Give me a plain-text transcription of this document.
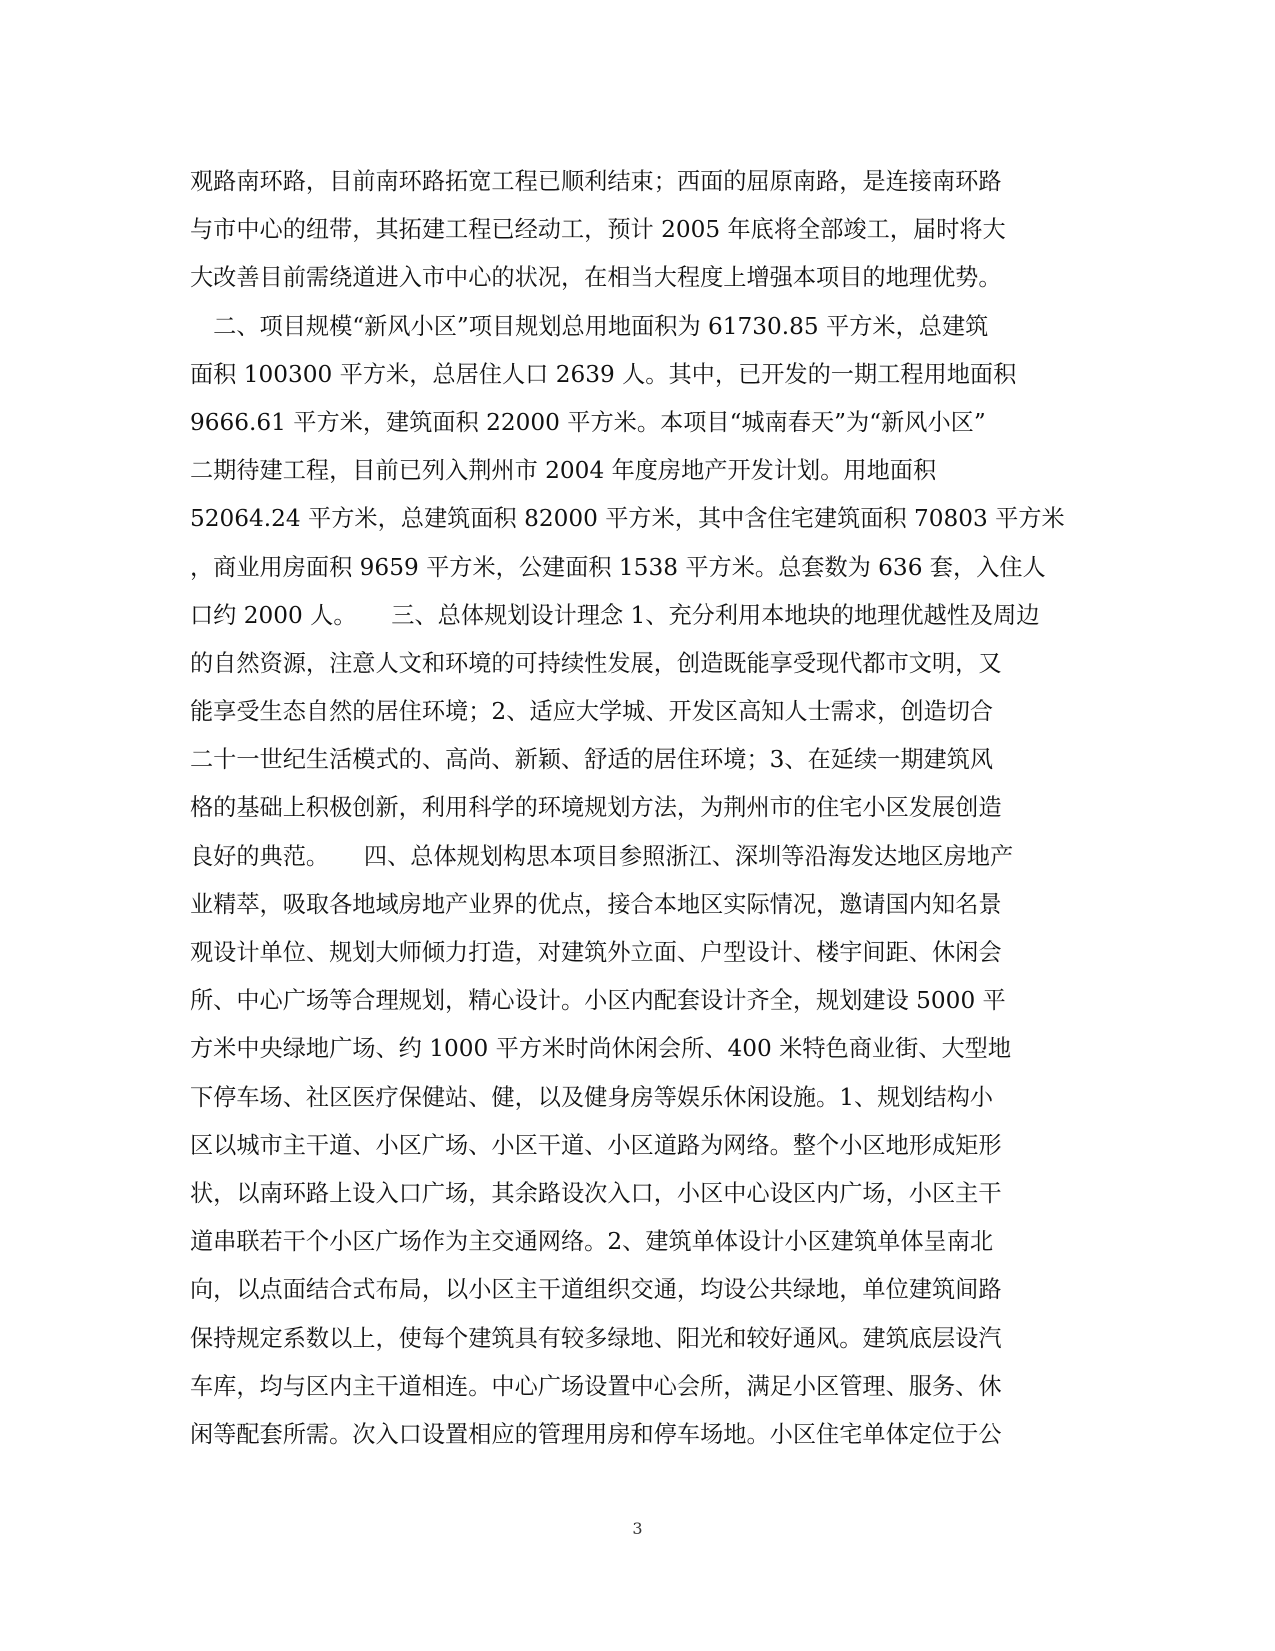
观路南环路，目前南环路拓宽工程已顺利结束；西面的屈原南路，是连接南环路
与市中心的纽带，其拓建工程已经动工，预计 2005 年底将全部竣工，届时将大
大改善目前需绕道进入市中心的状况，在相当大程度上增强本项目的地理优势。
　二、项目规模“新风小区”项目规划总用地面积为 61730.85 平方米，总建筑
面积 100300 平方米，总居住人口 2639 人。其中，已开发的一期工程用地面积
9666.61 平方米，建筑面积 22000 平方米。本项目“城南春天”为“新风小区”
二期待建工程，目前已列入荆州市 2004 年度房地产开发计划。用地面积
52064.24 平方米，总建筑面积 82000 平方米，其中含住宅建筑面积 70803 平方米
，商业用房面积 9659 平方米，公建面积 1538 平方米。总套数为 636 套，入住人
口约 2000 人。　　三、总体规划设计理念 1、充分利用本地块的地理优越性及周边
的自然资源，注意人文和环境的可持续性发展，创造既能享受现代都市文明，又
能享受生态自然的居住环境；2、适应大学城、开发区高知人士需求，创造切合
二十一世纪生活模式的、高尚、新颖、舒适的居住环境；3、在延续一期建筑风
格的基础上积极创新，利用科学的环境规划方法，为荆州市的住宅小区发展创造
良好的典范。　　四、总体规划构思本项目参照浙江、深圳等沿海发达地区房地产
业精萃，吸取各地域房地产业界的优点，接合本地区实际情况，邀请国内知名景
观设计单位、规划大师倾力打造，对建筑外立面、户型设计、楼宇间距、休闲会
所、中心广场等合理规划，精心设计。小区内配套设计齐全，规划建设 5000 平
方米中央绿地广场、约 1000 平方米时尚休闲会所、400 米特色商业街、大型地
下停车场、社区医疗保健站、健，以及健身房等娱乐休闲设施。1、规划结构小
区以城市主干道、小区广场、小区干道、小区道路为网络。整个小区地形成矩形
状，以南环路上设入口广场，其余路设次入口，小区中心设区内广场，小区主干
道串联若干个小区广场作为主交通网络。2、建筑单体设计小区建筑单体呈南北
向，以点面结合式布局，以小区主干道组织交通，均设公共绿地，单位建筑间路
保持规定系数以上，使每个建筑具有较多绿地、阳光和较好通风。建筑底层设汽
车库，均与区内主干道相连。中心广场设置中心会所，满足小区管理、服务、休
闲等配套所需。次入口设置相应的管理用房和停车场地。小区住宅单体定位于公
3
